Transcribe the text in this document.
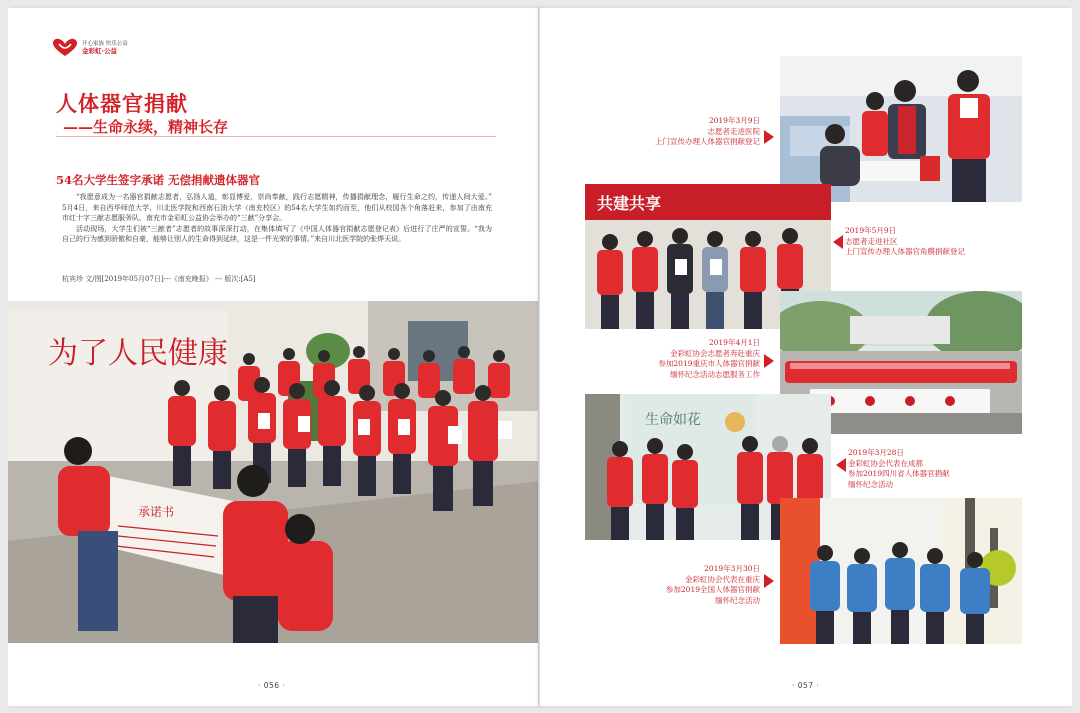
开心家族 快乐公益
金彩虹·公益
人体器官捐献
——生命永续，精神长存
54名大学生签字承诺 无偿捐献遗体器官

“我愿意成为一名器官捐献志愿者，弘扬人道，彰显博爱，崇尚奉献，践行志愿精神，传播捐献理念，履行生命之约，传递人间大爱。” 5月4日，来自西华师范大学、川北医学院和西南石油大学（南充校区）的54名大学生如约而至，他们从校园各个角落赶来，参加了由南充市红十字三献志愿服务队、南充市金彩虹公益协会举办的“三献”分享会。

活动现场，大学生们被“三献者”志愿者的故事深深打动，在集体填写了《中国人体器官捐献志愿登记表》后进行了庄严的宣誓。“我为自己的行为感到骄傲和自豪，能够让别人的生命得到延续，这是一件光荣的事情。”来自川北医学院的张烨天说。

杭宾珍 文/图[2019年05月07日]---《南充晚报》 --- 版次:[A5]
为了人民健康
承诺书
· 056 ·
2019年3月9日
志愿者走进医院
上门宣传办理人体器官捐献登记
共建共享
2019年5月9日
志愿者走进社区
上门宣传办理人体器官角膜捐献登记
2019年4月1日
金彩虹协会志愿者奔赴重庆
参加2019重庆市人体器官捐献
缅怀纪念活动志愿服务工作
生命如花
2019年3月28日
金彩虹协会代表在成都
参加2019四川省人体器官捐献
缅怀纪念活动
2019年3月30日
金彩虹协会代表在重庆
参加2019全国人体器官捐献
缅怀纪念活动
· 057 ·
